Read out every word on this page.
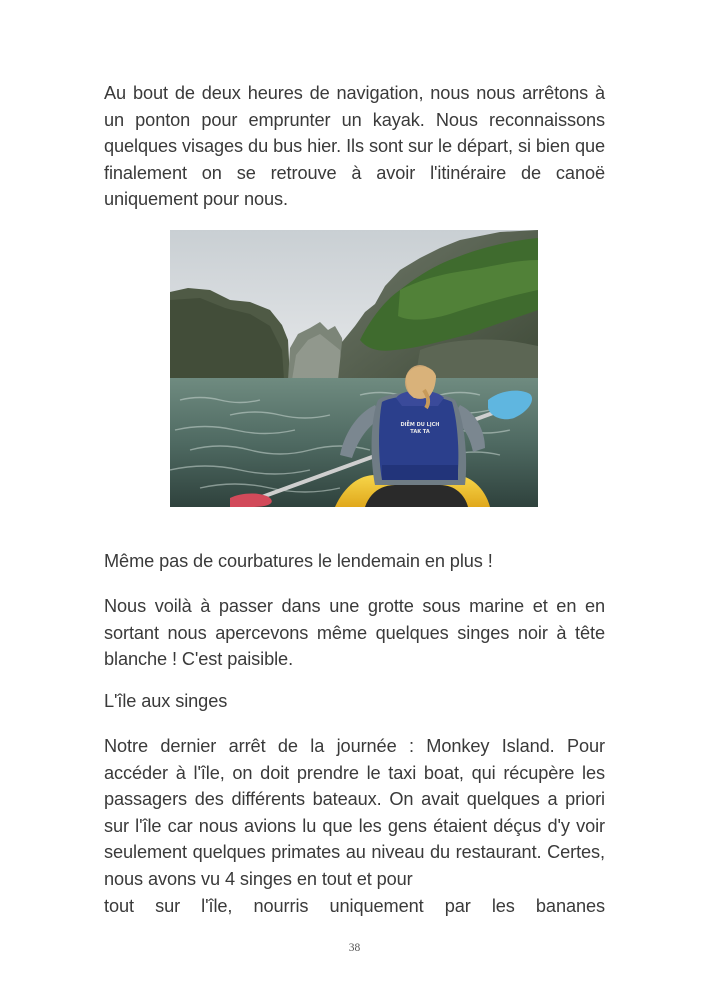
Au bout de deux heures de navigation, nous nous arrêtons à un ponton pour emprunter un kayak. Nous reconnaissons quelques visages du bus hier. Ils sont sur le départ, si bien que finalement on se retrouve à avoir l'itinéraire de canoë uniquement pour nous.

DIỄM DU LỊCH
TAK TA

Même pas de courbatures le lendemain en plus !

Nous voilà à passer dans une grotte sous marine et en en sortant nous apercevons même quelques singes noir à tête blanche ! C'est paisible.

L'île aux singes

Notre dernier arrêt de la journée : Monkey Island. Pour accéder à l'île, on doit prendre le taxi boat, qui récupère les passagers des différents bateaux. On avait quelques a priori sur l'île car nous avions lu que les gens étaient déçus d'y voir seulement quelques primates au niveau du restaurant. Certes, nous avons vu 4 singes en tout et pour
tout sur l'île, nourris uniquement par les bananes

38
